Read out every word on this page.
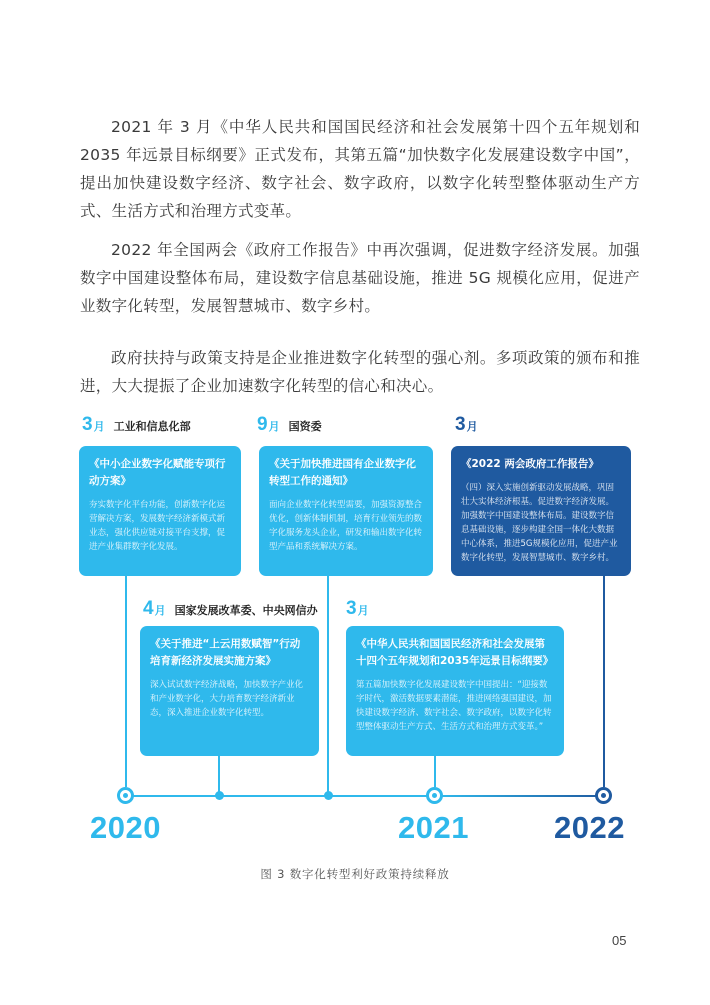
2021 年 3 月《中华人民共和国国民经济和社会发展第十四个五年规划和2035 年远景目标纲要》正式发布，其第五篇“加快数字化发展建设数字中国”，提出加快建设数字经济、数字社会、数字政府，以数字化转型整体驱动生产方式、生活方式和治理方式变革。

2022 年全国两会《政府工作报告》中再次强调，促进数字经济发展。加强数字中国建设整体布局，建设数字信息基础设施，推进 5G 规模化应用，促进产业数字化转型，发展智慧城市、数字乡村。

政府扶持与政策支持是企业推进数字化转型的强心剂。多项政策的颁布和推进，大大提振了企业加速数字化转型的信心和决心。

3 月 工业和信息化部
《中小企业数字化赋能专项行动方案》
夯实数字化平台功能，创新数字化运营解决方案，发展数字经济新模式新业态，强化供应链对接平台支撑，促进产业集群数字化发展。
9 月 国资委
《关于加快推进国有企业数字化转型工作的通知》
面向企业数字化转型需要，加强资源整合优化，创新体制机制，培育行业领先的数字化服务龙头企业，研发和输出数字化转型产品和系统解决方案。
3 月
《2022 两会政府工作报告》
（四）深入实施创新驱动发展战略，巩固壮大实体经济根基。促进数字经济发展。加强数字中国建设整体布局。建设数字信息基础设施，逐步构建全国一体化大数据中心体系，推进5G规模化应用，促进产业数字化转型，发展智慧城市、数字乡村。
4 月 国家发展改革委、中央网信办
《关于推进“上云用数赋智”行动培育新经济发展实施方案》
深入试试数字经济战略，加快数字产业化和产业数字化，大力培育数字经济新业态，深入推进企业数字化转型。
3 月
《中华人民共和国国民经济和社会发展第十四个五年规划和2035年远景目标纲要》
第五篇加快数字化发展建设数字中国提出：“迎接数字时代，激活数据要素潜能，推进网络强国建设，加快建设数字经济、数字社会、数字政府，以数字化转型整体驱动生产方式、生活方式和治理方式变革。”
2020	2021	2022
图 3 数字化转型利好政策持续释放
05
